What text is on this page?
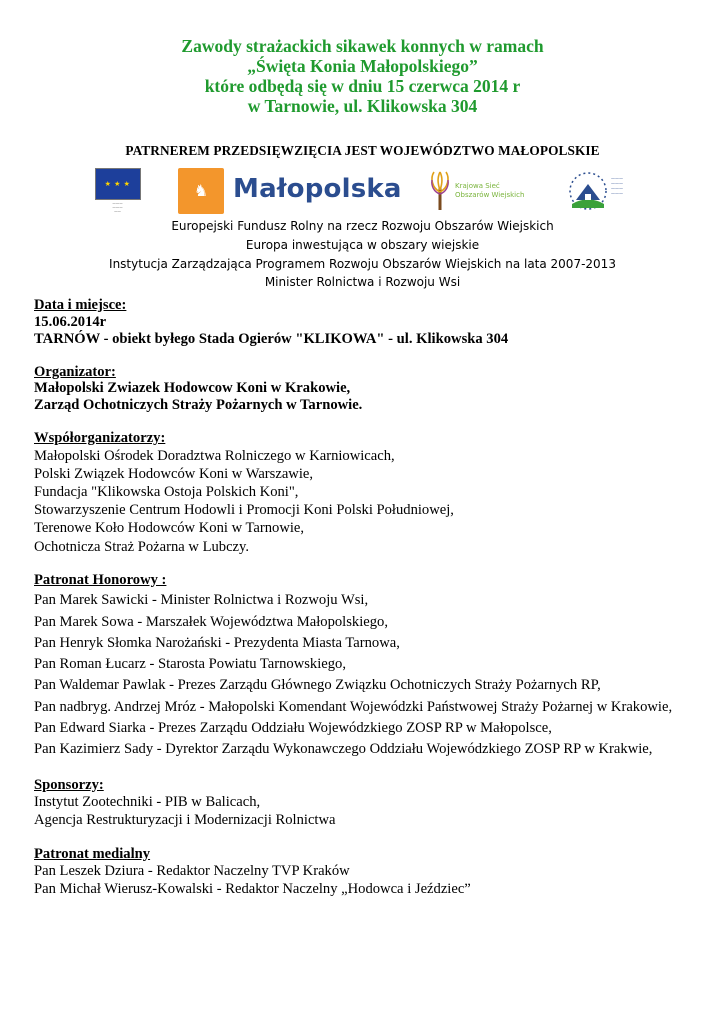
Zawody strażackich sikawek konnych w ramach
„Święta Konia Małopolskiego”
które odbędą się w dniu 15 czerwca 2014 r
w Tarnowie, ul. Klikowska 304
PATRNEREM PRZEDSIĘWZIĘCIA JEST WOJEWÓDZTWO MAŁOPOLSKIE
★ ★ ★
———
———
——
♞ Małopolska	Krajowa Sieć
Obszarów Wiejskich
———
———
———
———
Europejski Fundusz Rolny na rzecz Rozwoju Obszarów Wiejskich
Europa inwestująca w obszary wiejskie
Instytucja Zarządzająca Programem Rozwoju Obszarów Wiejskich na lata 2007-2013
Minister Rolnictwa i Rozwoju Wsi
Data i miejsce:
15.06.2014r
TARNÓW - obiekt byłego Stada Ogierów "KLIKOWA" - ul. Klikowska 304
Organizator:
Małopolski Zwiazek Hodowcow Koni w Krakowie,
Zarząd Ochotniczych Straży Pożarnych w Tarnowie.
Współorganizatorzy:
Małopolski Ośrodek Doradztwa Rolniczego w Karniowicach,
Polski Związek Hodowców Koni w Warszawie,
Fundacja "Klikowska Ostoja Polskich Koni",
Stowarzyszenie Centrum Hodowli i Promocji Koni Polski Południowej,
Terenowe Koło Hodowców Koni w Tarnowie,
Ochotnicza Straż Pożarna w Lubczy.
Patronat Honorowy :
Pan Marek Sawicki - Minister Rolnictwa i Rozwoju Wsi,
Pan Marek Sowa - Marszałek Województwa Małopolskiego,
Pan Henryk Słomka Narożański - Prezydenta Miasta Tarnowa,
Pan Roman Łucarz - Starosta Powiatu Tarnowskiego,
Pan Waldemar Pawlak - Prezes Zarządu Głównego Związku Ochotniczych Straży Pożarnych RP,
Pan nadbryg. Andrzej Mróz - Małopolski Komendant Wojewódzki Państwowej Straży Pożarnej w Krakowie,
Pan Edward Siarka - Prezes Zarządu Oddziału Wojewódzkiego ZOSP RP w Małopolsce,
Pan Kazimierz Sady - Dyrektor Zarządu Wykonawczego Oddziału Wojewódzkiego ZOSP RP w Krakwie,
Sponsorzy:
Instytut Zootechniki - PIB w Balicach,
Agencja Restrukturyzacji i Modernizacji Rolnictwa
Patronat medialny
Pan Leszek Dziura - Redaktor Naczelny TVP Kraków
Pan Michał Wierusz-Kowalski - Redaktor Naczelny „Hodowca i Jeździec”
